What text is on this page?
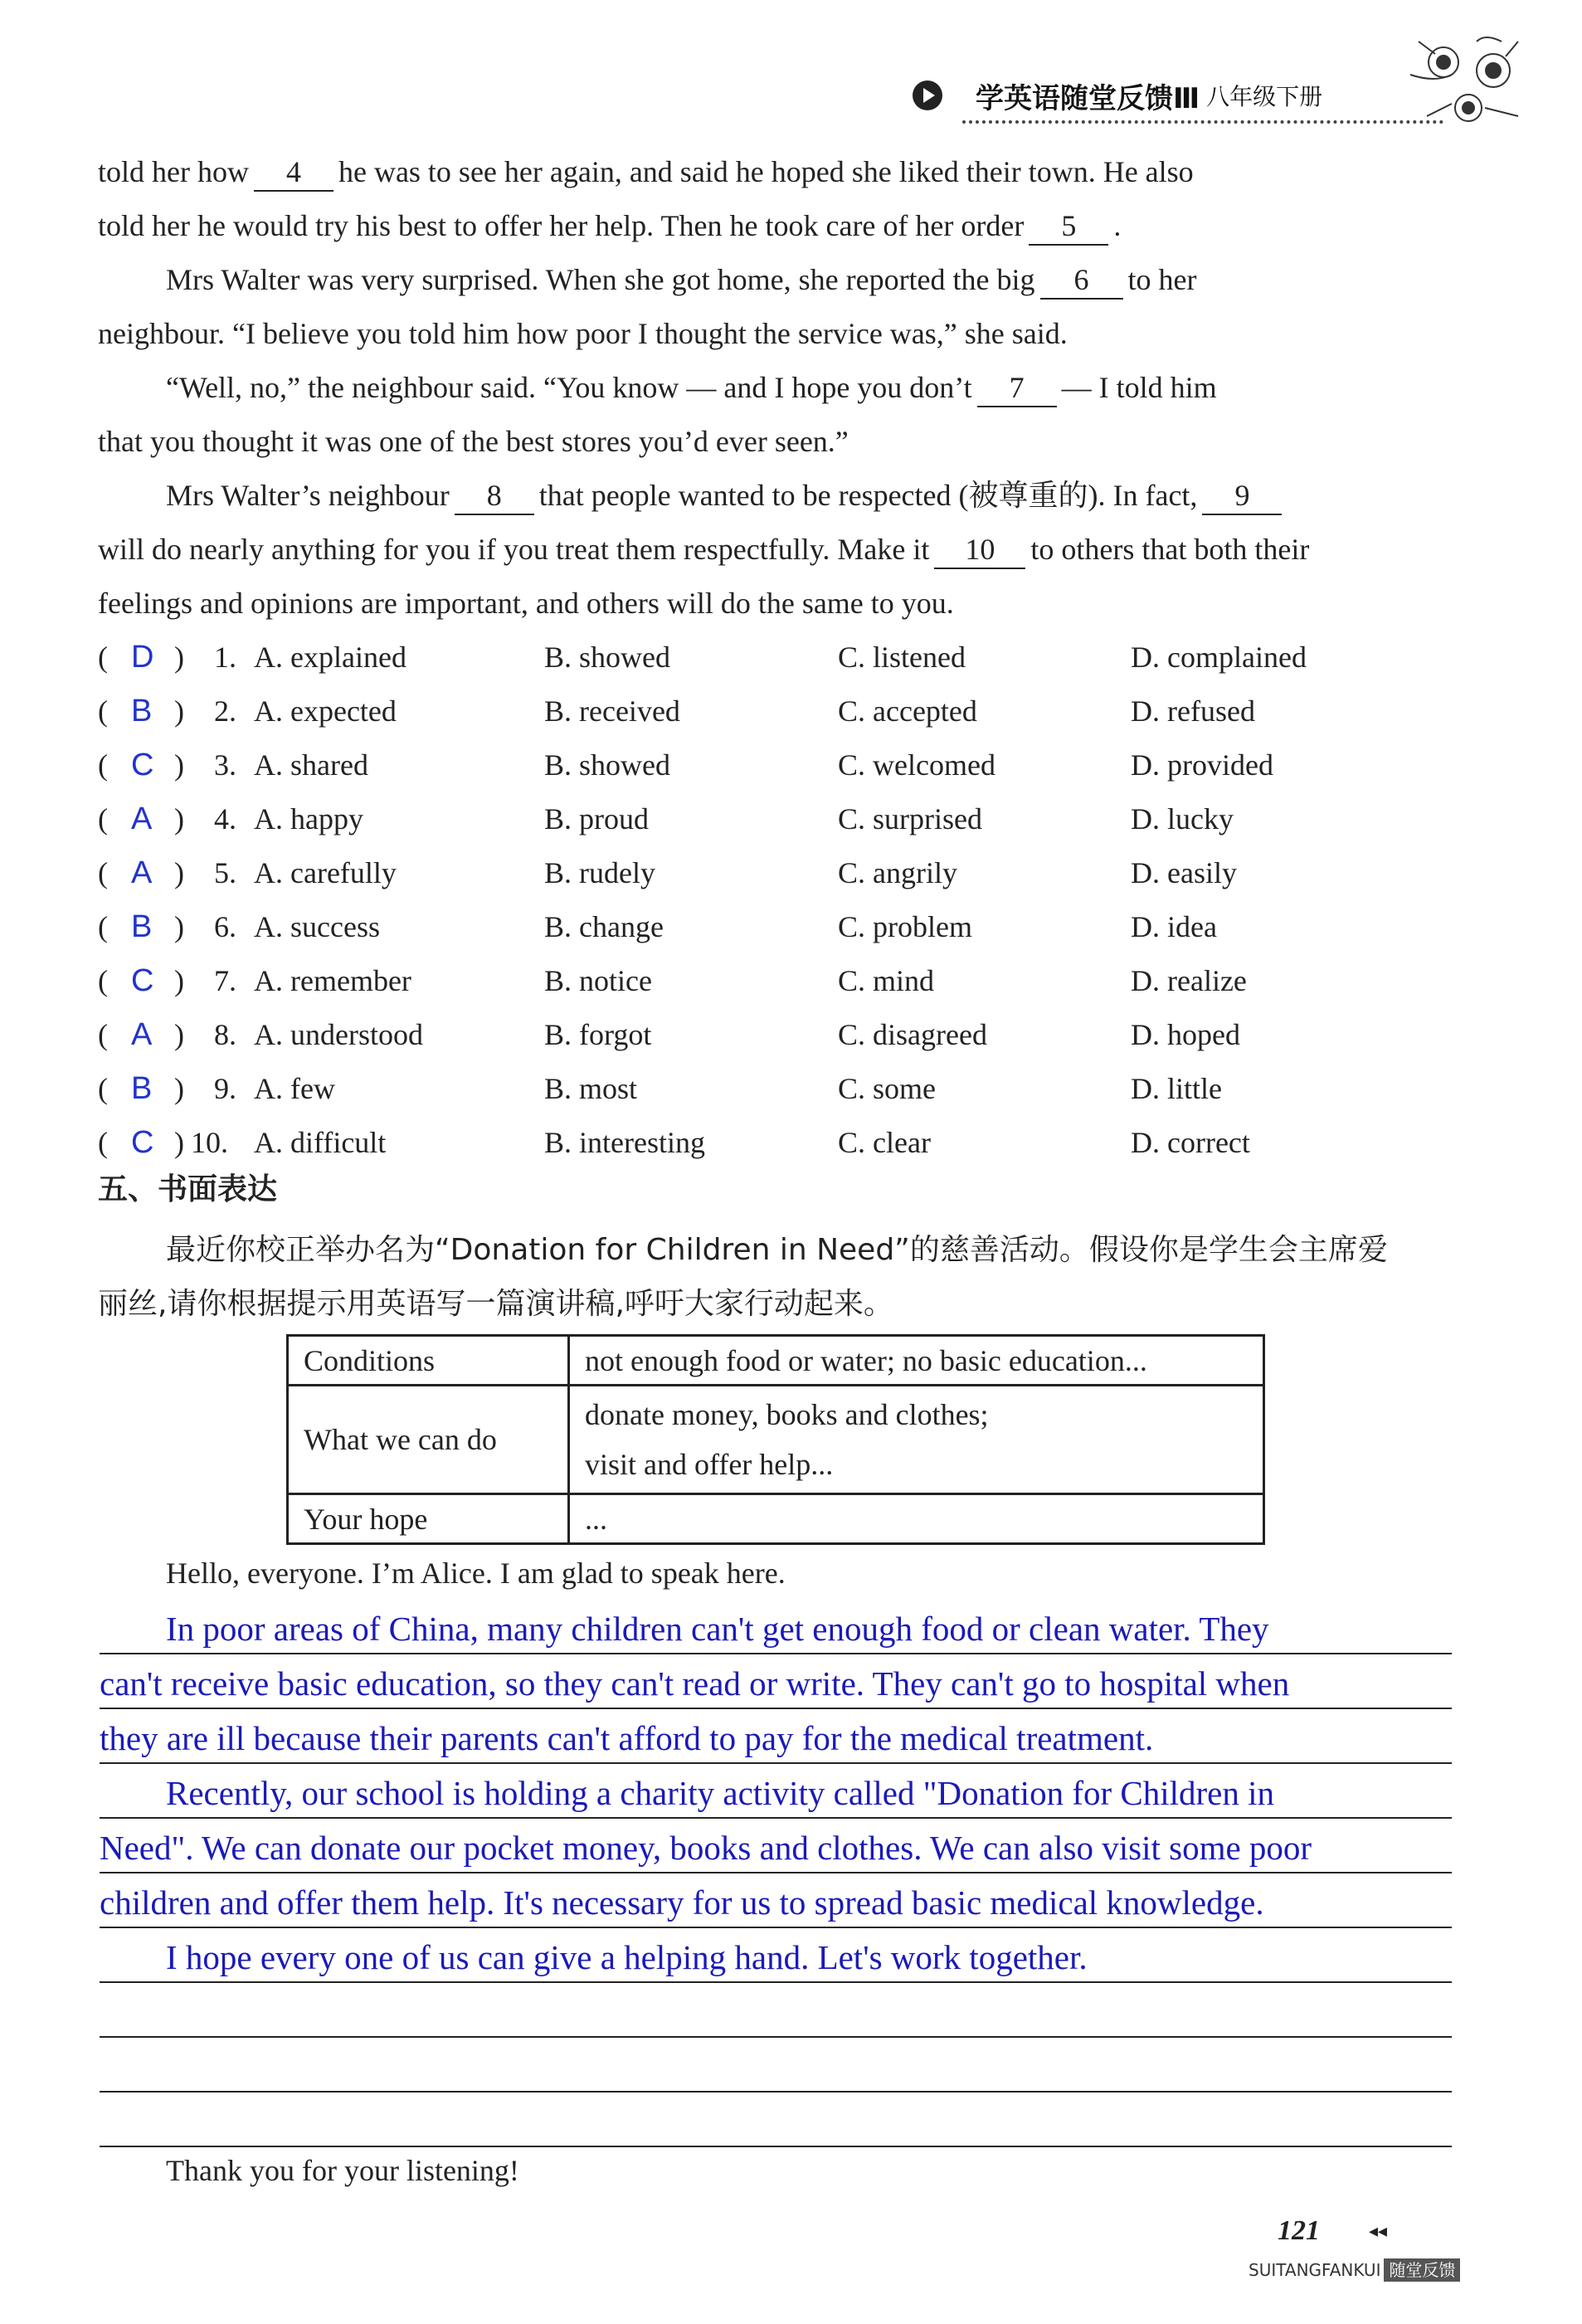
学英语随堂反馈Ⅲ 八年级下册
told her how 4 he was to see her again, and said he hoped she liked their town. He also
told her he would try his best to offer her help. Then he took care of her order 5 .
Mrs Walter was very surprised. When she got home, she reported the big 6 to her
neighbour. “I believe you told him how poor I thought the service was,” she said.
“Well, no,” the neighbour said. “You know — and I hope you don’t 7 — I told him
that you thought it was one of the best stores you’d ever seen.”
Mrs Walter’s neighbour 8 that people wanted to be respected (被尊重的). In fact, 9
will do nearly anything for you if you treat them respectfully. Make it 10 to others that both their
feelings and opinions are important, and others will do the same to you.
( D ) 1. A. explained	B. showed	C. listened	D. complained
( B ) 2. A. expected	B. received	C. accepted	D. refused
( C ) 3. A. shared	B. showed	C. welcomed	D. provided
( A ) 4. A. happy	B. proud	C. surprised	D. lucky
( A ) 5. A. carefully	B. rudely	C. angrily	D. easily
( B ) 6. A. success	B. change	C. problem	D. idea
( C ) 7. A. remember	B. notice	C. mind	D. realize
( A ) 8. A. understood	B. forgot	C. disagreed	D. hoped
( B ) 9. A. few	B. most	C. some	D. little
( C ) 10. A. difficult	B. interesting	C. clear	D. correct
五、书面表达
最近你校正举办名为“Donation for Children in Need”的慈善活动。假设你是学生会主席爱
丽丝,请你根据提示用英语写一篇演讲稿,呼吁大家行动起来。
Conditions	not enough food or water; no basic education...
What we can do	donate money, books and clothes;
visit and offer help...

Your hope	...
Hello, everyone. I’m Alice. I am glad to speak here.
In poor areas of China, many children can't get enough food or clean water. They
can't receive basic education, so they can't read or write. They can't go to hospital when
they are ill because their parents can't afford to pay for the medical treatment.
Recently, our school is holding a charity activity called "Donation for Children in
Need". We can donate our pocket money, books and clothes. We can also visit some poor
children and offer them help. It's necessary for us to spread basic medical knowledge.
I hope every one of us can give a helping hand. Let's work together.
Thank you for your listening!
121	◂◂
SUITANGFANKUI 随堂反馈
